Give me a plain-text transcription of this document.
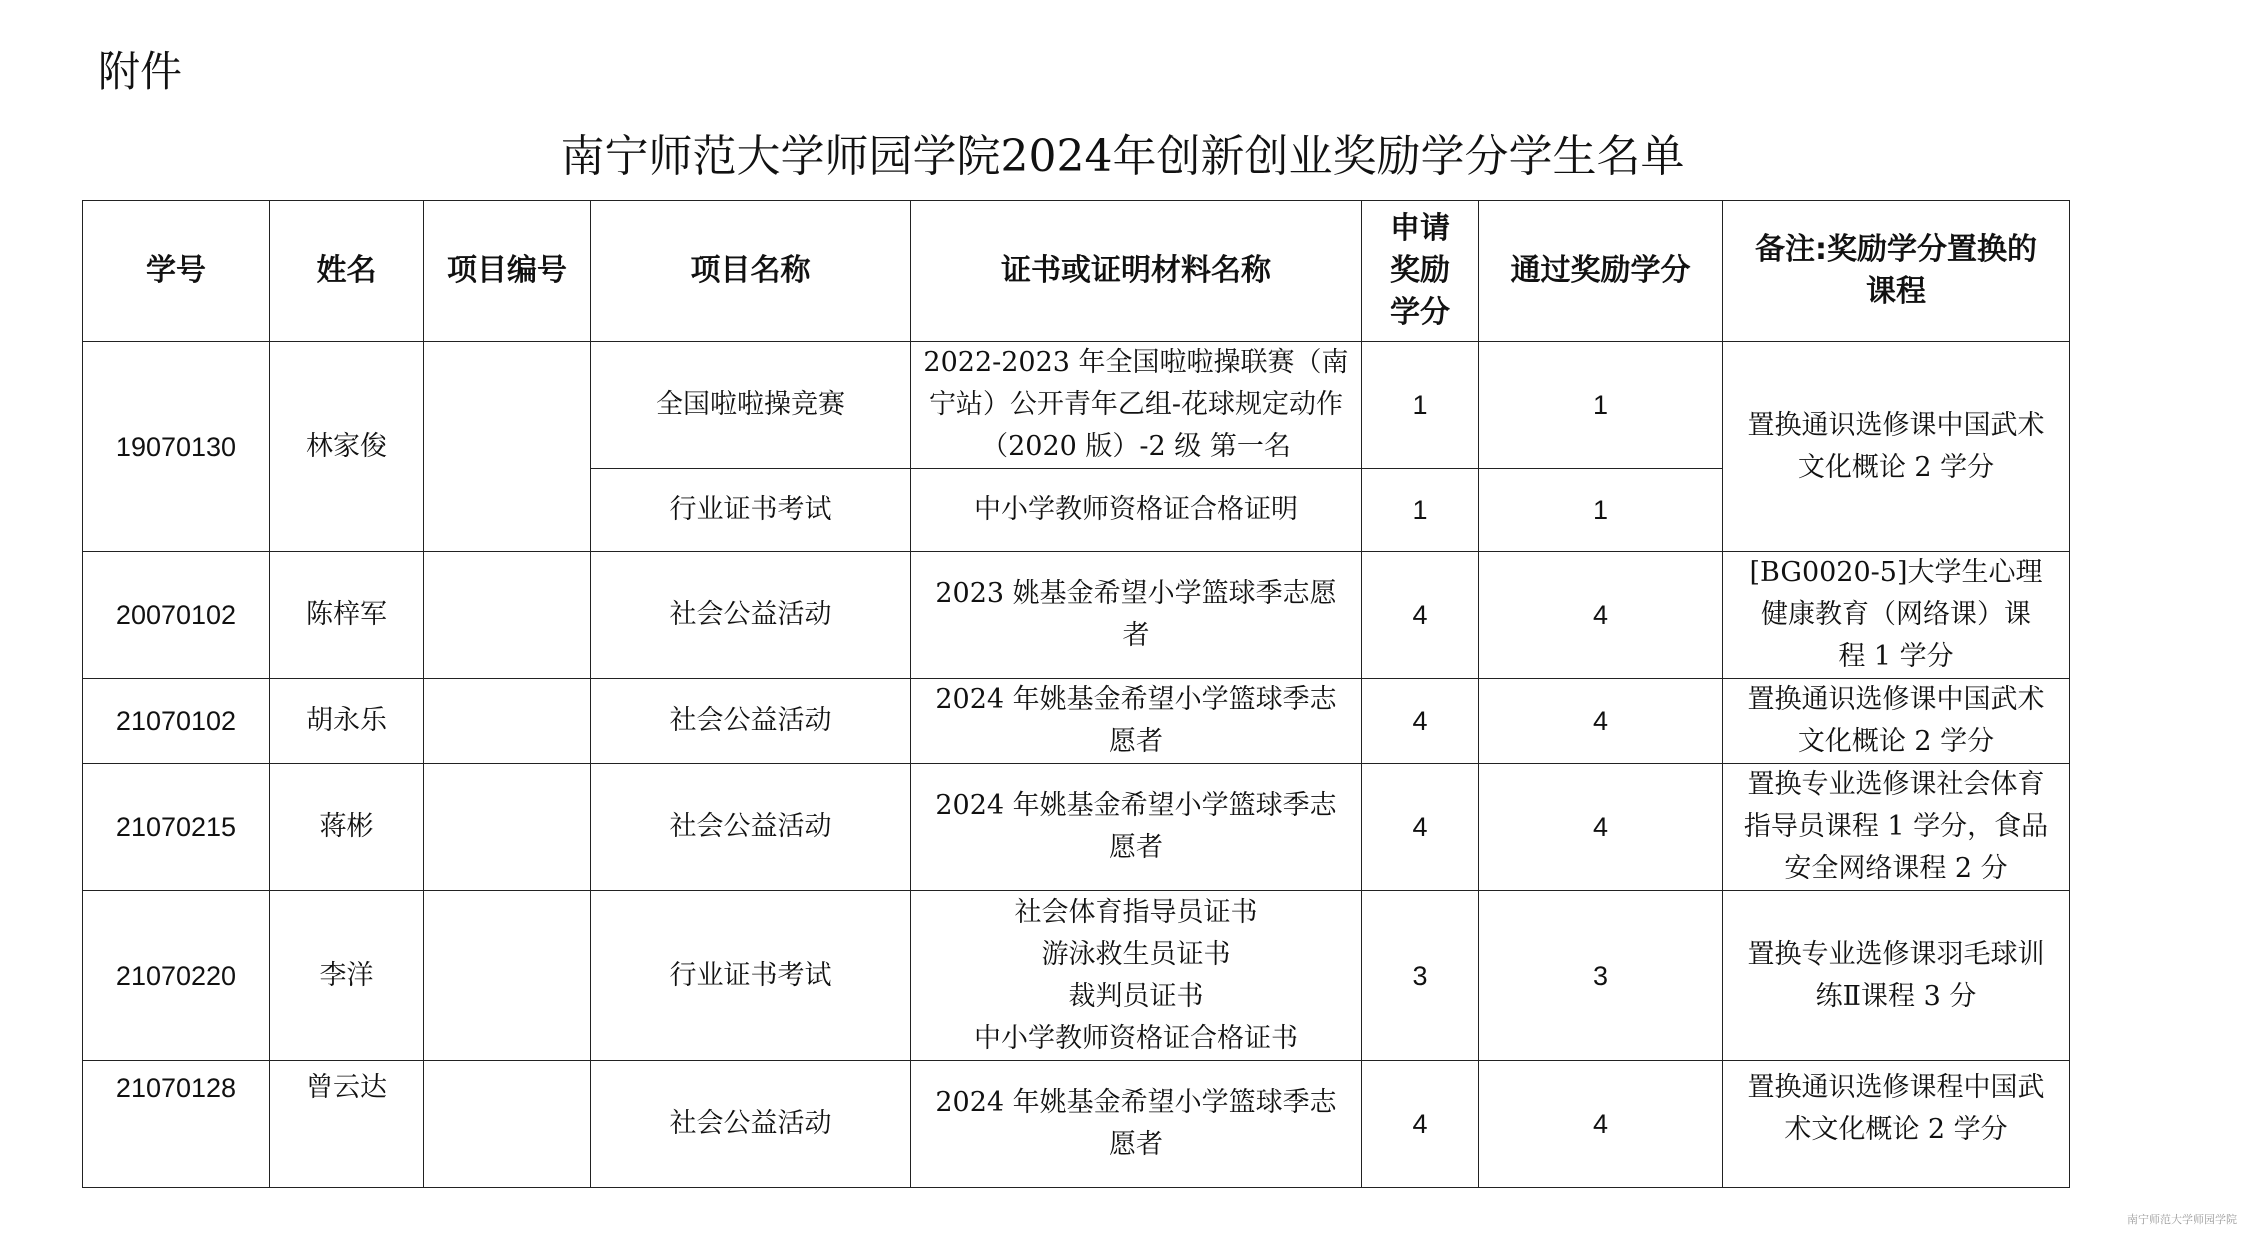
附件

南宁师范大学师园学院2024年创新创业奖励学分学生名单
学号	姓名	项目编号	项目名称	证书或证明材料名称	申请
奖励
学分	通过奖励学分	备注:奖励学分置换的
课程

19070130	林家俊		全国啦啦操竞赛	2022-2023 年全国啦啦操联赛（南
宁站）公开青年乙组-花球规定动作
（2020 版）-2 级 第一名	1	1	置换通识选修课中国武术
文化概论 2 学分

			行业证书考试	中小学教师资格证合格证明	1	1	
20070102	陈梓军		社会公益活动	2023 姚基金希望小学篮球季志愿
者	4	4	[BG0020-5]大学生心理
健康教育（网络课）课
程 1 学分

21070102	胡永乐		社会公益活动	2024 年姚基金希望小学篮球季志
愿者	4	4	置换通识选修课中国武术
文化概论 2 学分

21070215	蒋彬		社会公益活动	2024 年姚基金希望小学篮球季志
愿者	4	4	置换专业选修课社会体育
指导员课程 1 学分，食品
安全网络课程 2 分

21070220	李洋		行业证书考试	社会体育指导员证书
游泳救生员证书
裁判员证书
中小学教师资格证合格证书	3	3	置换专业选修课羽毛球训
练Ⅱ课程 3 分

21070128	曾云达		社会公益活动	2024 年姚基金希望小学篮球季志
愿者	4	4	置换通识选修课程中国武
术文化概论 2 学分
南宁师范大学师园学院
